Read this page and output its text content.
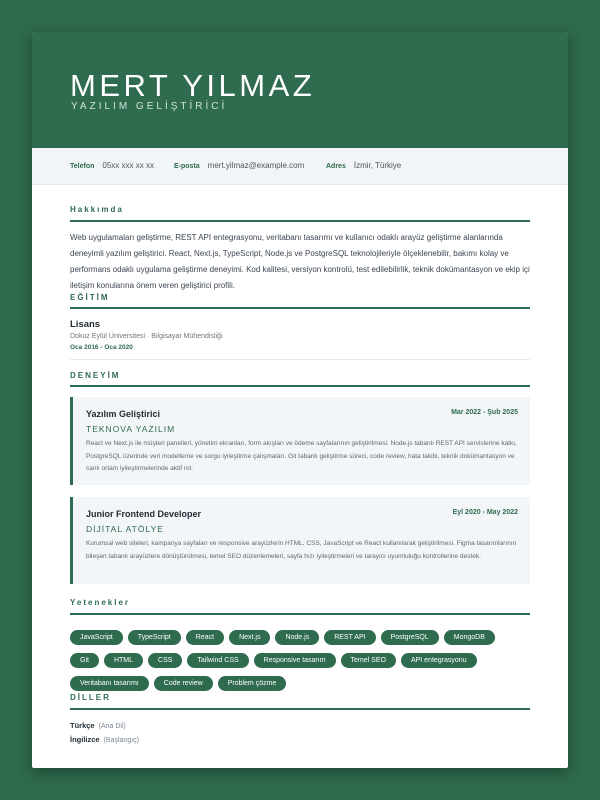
MERT YILMAZ
YAZILIM GELİŞTİRİCİ
Telefon 05xx xxx xx xx	E-posta mert.yilmaz@example.com	Adres İzmir, Türkiye
Hakkımda
Web uygulamaları geliştirme, REST API entegrasyonu, veritabanı tasarımı ve kullanıcı odaklı arayüz geliştirme alanlarında deneyimli yazılım geliştirici. React, Next.js, TypeScript, Node.js ve PostgreSQL teknolojileriyle ölçeklenebilir, bakımı kolay ve performans odaklı uygulama geliştirme deneyimi. Kod kalitesi, versiyon kontrolü, test edilebilirlik, teknik dokümantasyon ve ekip içi iletişim konularına önem veren geliştirici profili.
EĞİTİM
Lisans
Dokuz Eylül Üniversitesi · Bilgisayar Mühendisliği
Oca 2016 - Oca 2020
DENEYİM
Yazılım Geliştirici	Mar 2022 - Şub 2025
TEKNOVA YAZILIM
React ve Next.js ile müşteri panelleri, yönetim ekranları, form akışları ve ödeme sayfalarının geliştirilmesi. Node.js tabanlı REST API servislerine katkı, PostgreSQL üzerinde veri modelleme ve sorgu iyileştirme çalışmaları. Git tabanlı geliştirme süreci, code review, hata takibi, teknik dokümantasyon ve canlı ortam iyileştirmelerinde aktif rol.
Junior Frontend Developer	Eyl 2020 - May 2022
DİJİTAL ATÖLYE
Kurumsal web siteleri, kampanya sayfaları ve responsive arayüzlerin HTML, CSS, JavaScript ve React kullanılarak geliştirilmesi. Figma tasarımlarının bileşen tabanlı arayüzlere dönüştürülmesi, temel SEO düzenlemeleri, sayfa hızı iyileştirmeleri ve tarayıcı uyumluluğu kontrollerine destek.
Yetenekler
JavaScript	TypeScript	React	Next.js	Node.js	REST API	PostgreSQL	MongoDBGit	HTML	CSS	Tailwind CSS	Responsive tasarım	Temel SEO	API entegrasyonuVeritabanı tasarımı	Code review	Problem çözme
DİLLER
Türkçe (Ana Dil)
İngilizce (Başlangıç)
